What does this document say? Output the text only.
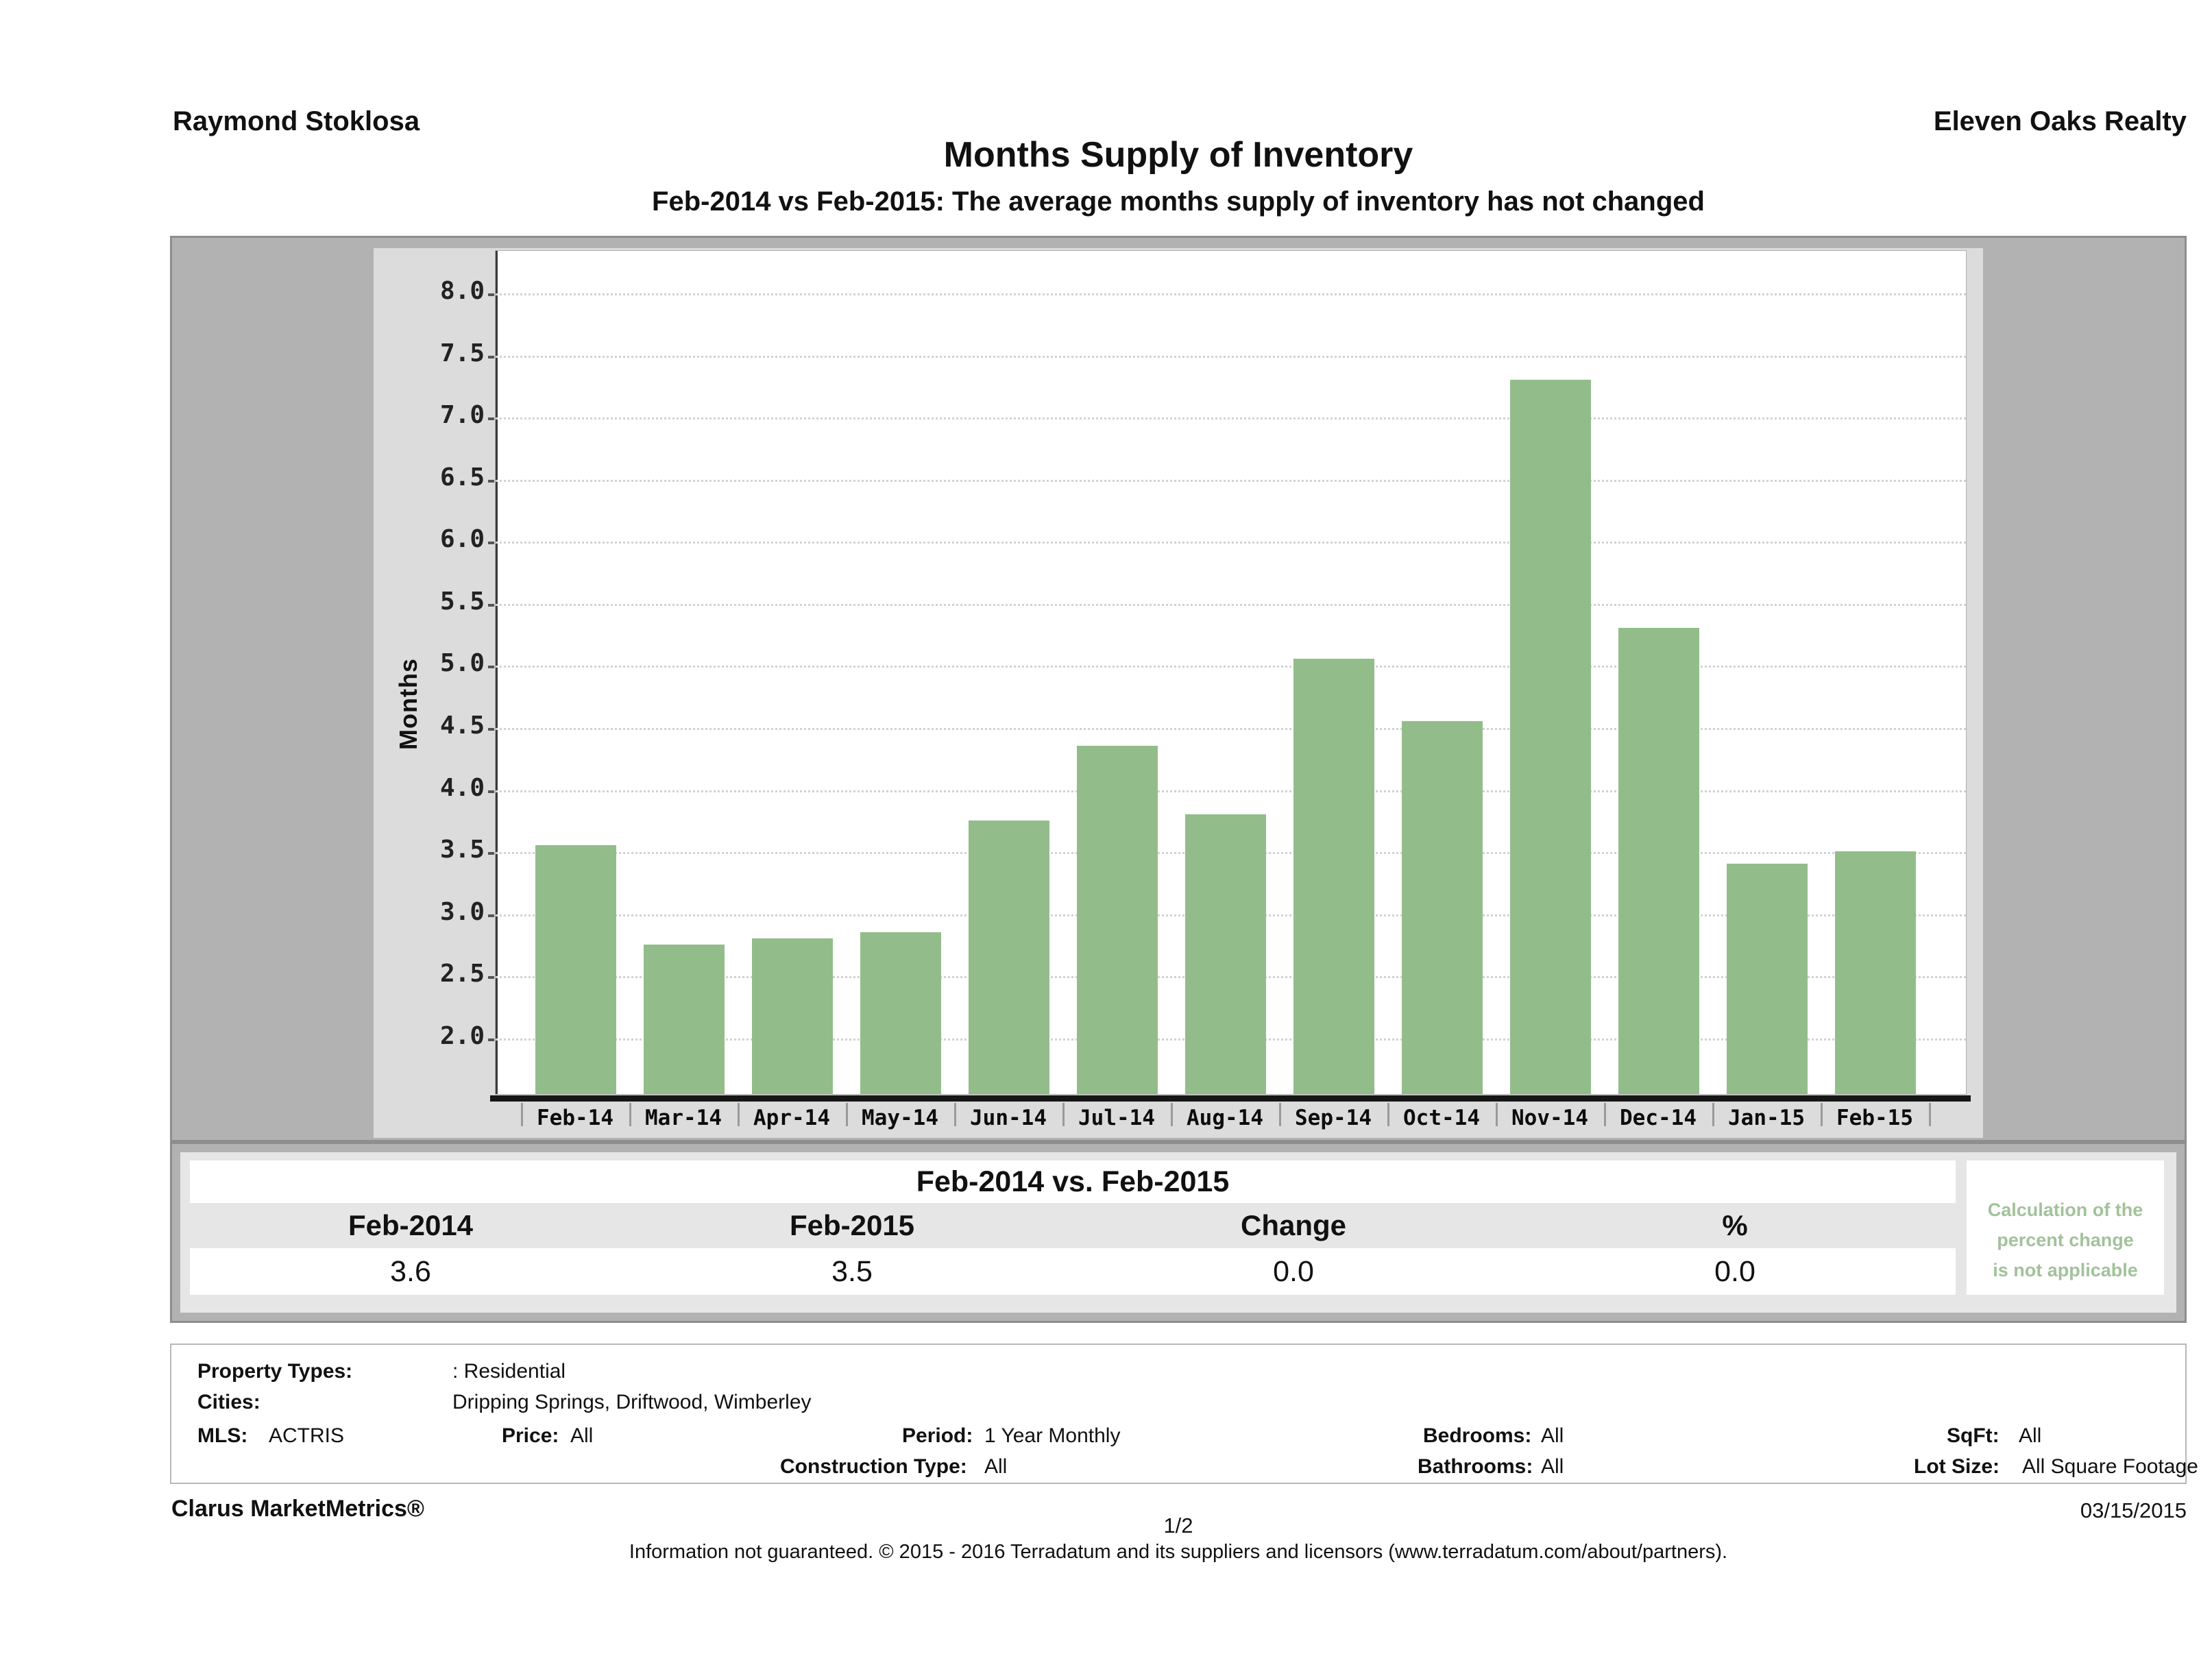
Raymond Stoklosa	Eleven Oaks Realty
Months Supply of Inventory
Feb-2014 vs Feb-2015: The average months supply of inventory has not changed
Months
2.0
2.5
3.0
3.5
4.0
4.5
5.0
5.5
6.0
6.5
7.0
7.5
8.0
Feb-14	Mar-14	Apr-14	May-14	Jun-14	Jul-14	Aug-14	Sep-14	Oct-14	Nov-14	Dec-14	Jan-15	Feb-15
Feb-2014 vs. Feb-2015
Feb-2014	Feb-2015	Change	%
3.6	3.5	0.0	0.0
Calculation of the
percent change
is not applicable
Property Types:	: Residential
Cities:	Dripping Springs, Driftwood, Wimberley
MLS: ACTRIS	Price: All	Period: 1 Year Monthly	Bedrooms: All	SqFt: All
Construction Type: All	Bathrooms: All	Lot Size: All Square Footage
Clarus MarketMetrics®	03/15/2015
1/2
Information not guaranteed. © 2015 - 2016 Terradatum and its suppliers and licensors (www.terradatum.com/about/partners).
